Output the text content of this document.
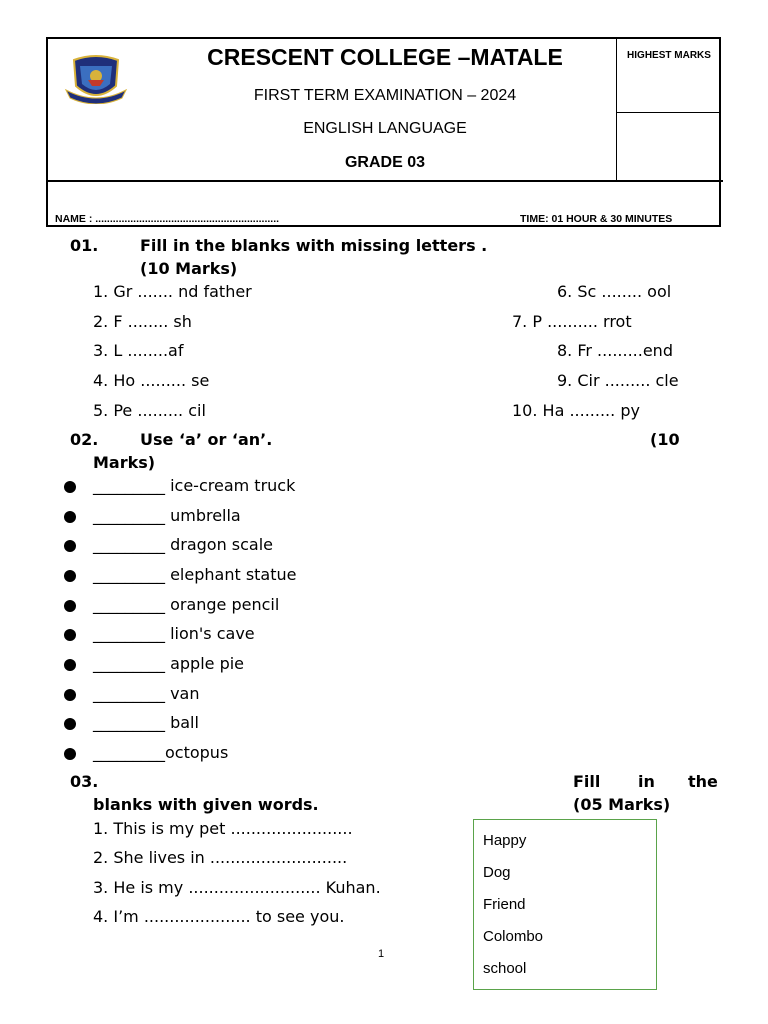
CRESCENT COLLEGE –MATALE
FIRST TERM EXAMINATION – 2024
ENGLISH LANGUAGE
GRADE 03
HIGHEST MARKS
NAME : ...............................................................	TIME: 01 HOUR & 30 MINUTES
01.	Fill in the blanks with missing letters .
(10 Marks)
1. Gr ....... nd father
2. F ........ sh
3. L ........af
4. Ho ......... se
5. Pe ......... cil
6. Sc ........ ool
7. P .......... rrot
8. Fr .........end
9. Cir ......... cle
10. Ha ......... py
02.	Use ‘a’ or ‘an’.	(10
Marks)
_________ ice-cream truck
_________ umbrella
_________ dragon scale
_________ elephant statue
_________ orange pencil
_________ lion's cave
_________ apple pie
_________ van
_________ ball
_________octopus
03.	Fill in the
blanks with given words.	(05 Marks)
1. This is my pet ........................
2. She lives in ...........................
3. He is my .......................... Kuhan.
4. I’m ..................... to see you.
Happy
Dog
Friend
Colombo
school
1
